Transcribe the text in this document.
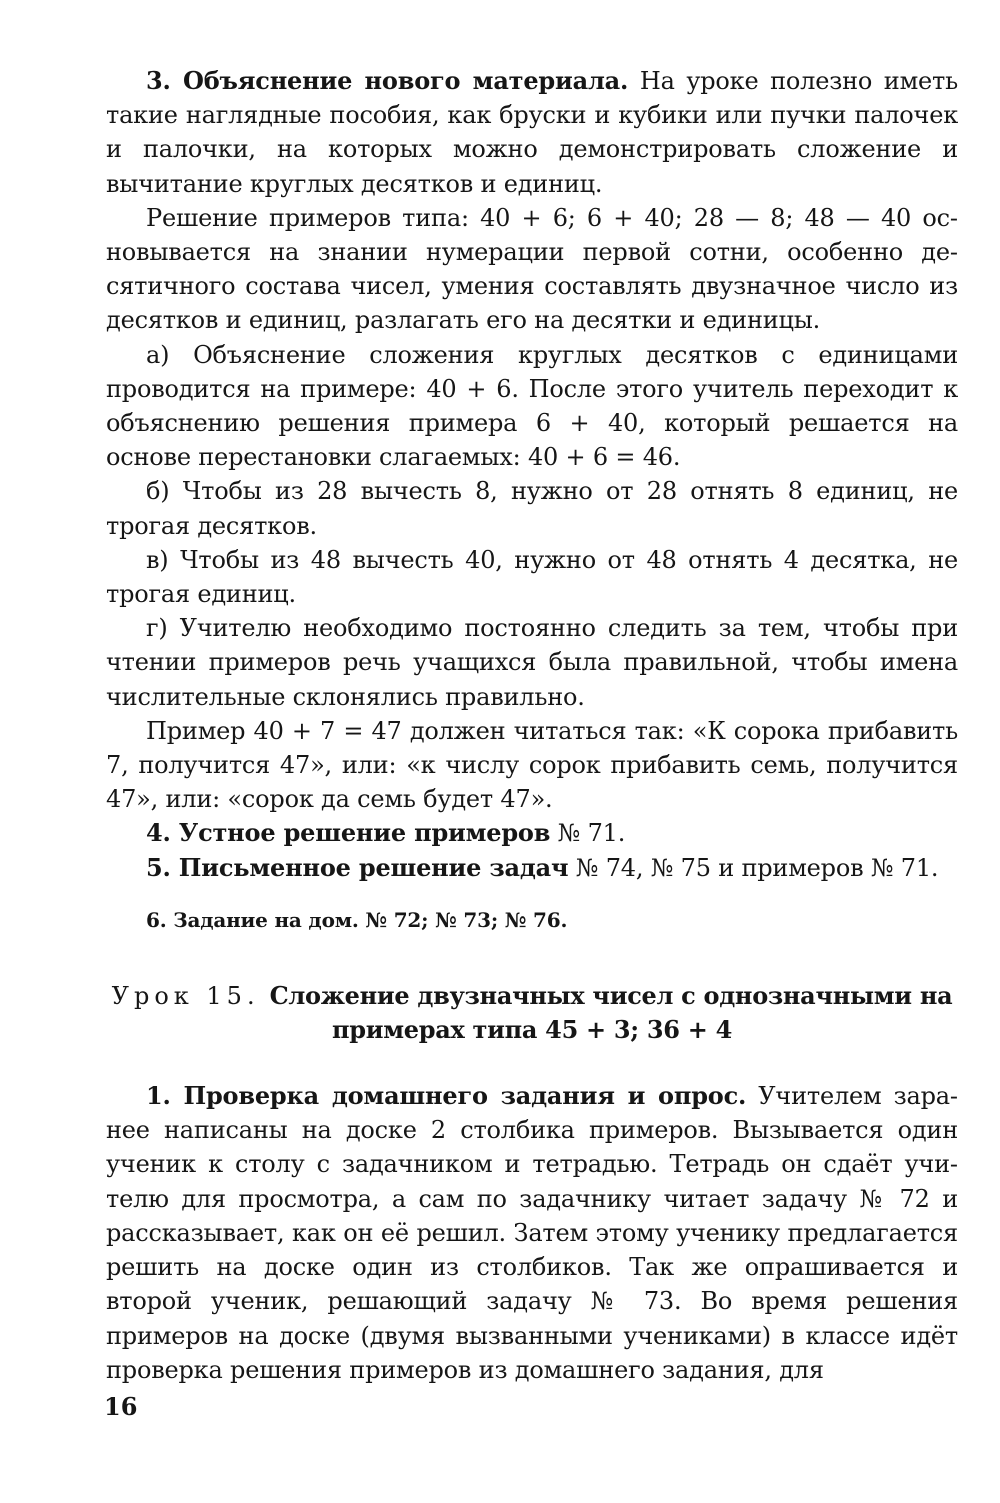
3. Объяснение нового материала. На уроке полезно иметь такие наглядные пособия, как бруски и кубики или пучки палочек и палочки, на которых можно демонстрировать сложение и вычитание круглых десятков и единиц.

Решение примеров типа: 40 + 6; 6 + 40; 28 — 8; 48 — 40 основывается на знании нумерации первой сотни, особенно десятичного состава чисел, умения составлять двузначное число из десятков и единиц, разлагать его на десятки и единицы.

а) Объяснение сложения круглых десятков с единицами проводится на примере: 40 + 6. После этого учитель переходит к объяснению решения примера 6 + 40, который решается на основе перестановки слагаемых: 40 + 6 = 46.

б) Чтобы из 28 вычесть 8, нужно от 28 отнять 8 единиц, не трогая десятков.

в) Чтобы из 48 вычесть 40, нужно от 48 отнять 4 десятка, не трогая единиц.

г) Учителю необходимо постоянно следить за тем, чтобы при чтении примеров речь учащихся была правильной, чтобы имена числительные склонялись правильно.

Пример 40 + 7 = 47 должен читаться так: «К сорока прибавить 7, получится 47», или: «к числу сорок прибавить семь, получится 47», или: «сорок да семь будет 47».

4. Устное решение примеров № 71.

5. Письменное решение задач № 74, № 75 и примеров № 71.

6. Задание на дом. № 72; № 73; № 76.

Урок 15. Сложение двузначных чисел с однозначными на примерах типа 45 + 3; 36 + 4

1. Проверка домашнего задания и опрос. Учителем заранее написаны на доске 2 столбика примеров. Вызывается один ученик к столу с задачником и тетрадью. Тетрадь он сдаёт учителю для просмотра, а сам по задачнику читает задачу № 72 и рассказывает, как он её решил. Затем этому ученику предлагается решить на доске один из столбиков. Так же опрашивается и второй ученик, решающий задачу № 73. Во время решения примеров на доске (двумя вызванными учениками) в классе идёт проверка решения примеров из домашнего задания, для

16
